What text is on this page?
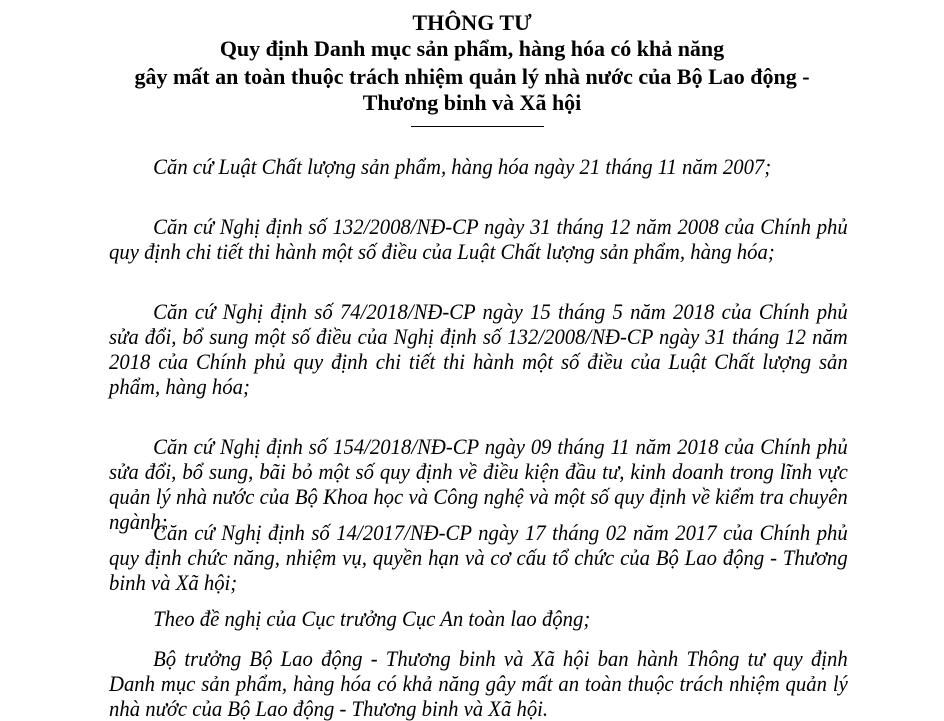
THÔNG TƯ
Quy định Danh mục sản phẩm, hàng hóa có khả năng
gây mất an toàn thuộc trách nhiệm quản lý nhà nước của Bộ Lao động -
Thương binh và Xã hội

Căn cứ Luật Chất lượng sản phẩm, hàng hóa ngày 21 tháng 11 năm 2007;

Căn cứ Nghị định số 132/2008/NĐ-CP ngày 31 tháng 12 năm 2008 của Chính phủ quy định chi tiết thi hành một số điều của Luật Chất lượng sản phẩm, hàng hóa;

Căn cứ Nghị định số 74/2018/NĐ-CP ngày 15 tháng 5 năm 2018 của Chính phủ sửa đổi, bổ sung một số điều của Nghị định số 132/2008/NĐ-CP ngày 31 tháng 12 năm 2018 của Chính phủ quy định chi tiết thi hành một số điều của Luật Chất lượng sản phẩm, hàng hóa;

Căn cứ Nghị định số 154/2018/NĐ-CP ngày 09 tháng 11 năm 2018 của Chính phủ sửa đổi, bổ sung, bãi bỏ một số quy định về điều kiện đầu tư, kinh doanh trong lĩnh vực quản lý nhà nước của Bộ Khoa học và Công nghệ và một số quy định về kiểm tra chuyên ngành;

Căn cứ Nghị định số 14/2017/NĐ-CP ngày 17 tháng 02 năm 2017 của Chính phủ quy định chức năng, nhiệm vụ, quyền hạn và cơ cấu tổ chức của Bộ Lao động - Thương binh và Xã hội;

Theo đề nghị của Cục trưởng Cục An toàn lao động;

Bộ trưởng Bộ Lao động - Thương binh và Xã hội ban hành Thông tư quy định Danh mục sản phẩm, hàng hóa có khả năng gây mất an toàn thuộc trách nhiệm quản lý nhà nước của Bộ Lao động - Thương binh và Xã hội.
